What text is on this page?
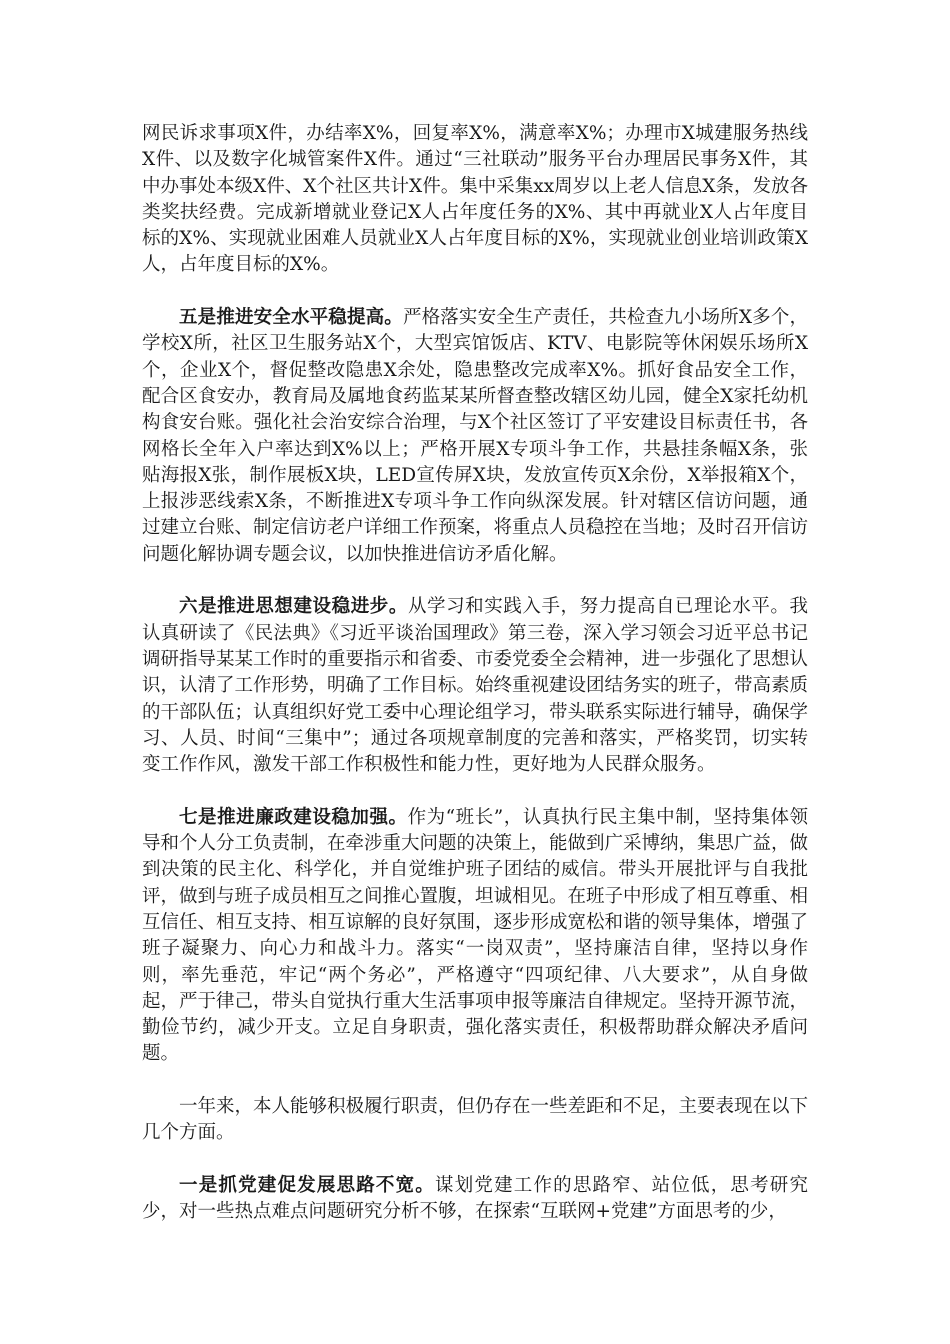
网民诉求事项X件，办结率X%，回复率X%，满意率X%；办理市X城建服务热线X件、以及数字化城管案件X件。通过“三社联动”服务平台办理居民事务X件，其中办事处本级X件、X个社区共计X件。集中采集xx周岁以上老人信息X条，发放各类奖扶经费。完成新增就业登记X人占年度任务的X%、其中再就业X人占年度目标的X%、实现就业困难人员就业X人占年度目标的X%，实现就业创业培训政策X人，占年度目标的X%。

五是推进安全水平稳提高。严格落实安全生产责任，共检查九小场所X多个，学校X所，社区卫生服务站X个，大型宾馆饭店、KTV、电影院等休闲娱乐场所X个，企业X个，督促整改隐患X余处，隐患整改完成率X%。抓好食品安全工作，配合区食安办，教育局及属地食药监某某所督查整改辖区幼儿园，健全X家托幼机构食安台账。强化社会治安综合治理，与X个社区签订了平安建设目标责任书，各网格长全年入户率达到X%以上；严格开展X专项斗争工作，共悬挂条幅X条，张贴海报X张，制作展板X块，LED宣传屏X块，发放宣传页X余份，X举报箱X个，上报涉恶线索X条，不断推进X专项斗争工作向纵深发展。针对辖区信访问题，通过建立台账、制定信访老户详细工作预案，将重点人员稳控在当地；及时召开信访问题化解协调专题会议，以加快推进信访矛盾化解。

六是推进思想建设稳进步。从学习和实践入手，努力提高自已理论水平。我认真研读了《民法典》《习近平谈治国理政》第三卷，深入学习领会习近平总书记调研指导某某工作时的重要指示和省委、市委党委全会精神，进一步强化了思想认识，认清了工作形势，明确了工作目标。始终重视建设团结务实的班子，带高素质的干部队伍；认真组织好党工委中心理论组学习，带头联系实际进行辅导，确保学习、人员、时间“三集中”；通过各项规章制度的完善和落实，严格奖罚，切实转变工作作风，激发干部工作积极性和能力性，更好地为人民群众服务。

七是推进廉政建设稳加强。作为“班长”，认真执行民主集中制，坚持集体领导和个人分工负责制，在牵涉重大问题的决策上，能做到广采博纳，集思广益，做到决策的民主化、科学化，并自觉维护班子团结的威信。带头开展批评与自我批评，做到与班子成员相互之间推心置腹，坦诚相见。在班子中形成了相互尊重、相互信任、相互支持、相互谅解的良好氛围，逐步形成宽松和谐的领导集体，增强了班子凝聚力、向心力和战斗力。落实“一岗双责”，坚持廉洁自律，坚持以身作则，率先垂范，牢记“两个务必”，严格遵守“四项纪律、八大要求”，从自身做起，严于律己，带头自觉执行重大生活事项申报等廉洁自律规定。坚持开源节流，勤俭节约，减少开支。立足自身职责，强化落实责任，积极帮助群众解决矛盾问题。

一年来，本人能够积极履行职责，但仍存在一些差距和不足，主要表现在以下几个方面。

一是抓党建促发展思路不宽。谋划党建工作的思路窄、站位低，思考研究少，对一些热点难点问题研究分析不够，在探索“互联网+党建”方面思考的少，
